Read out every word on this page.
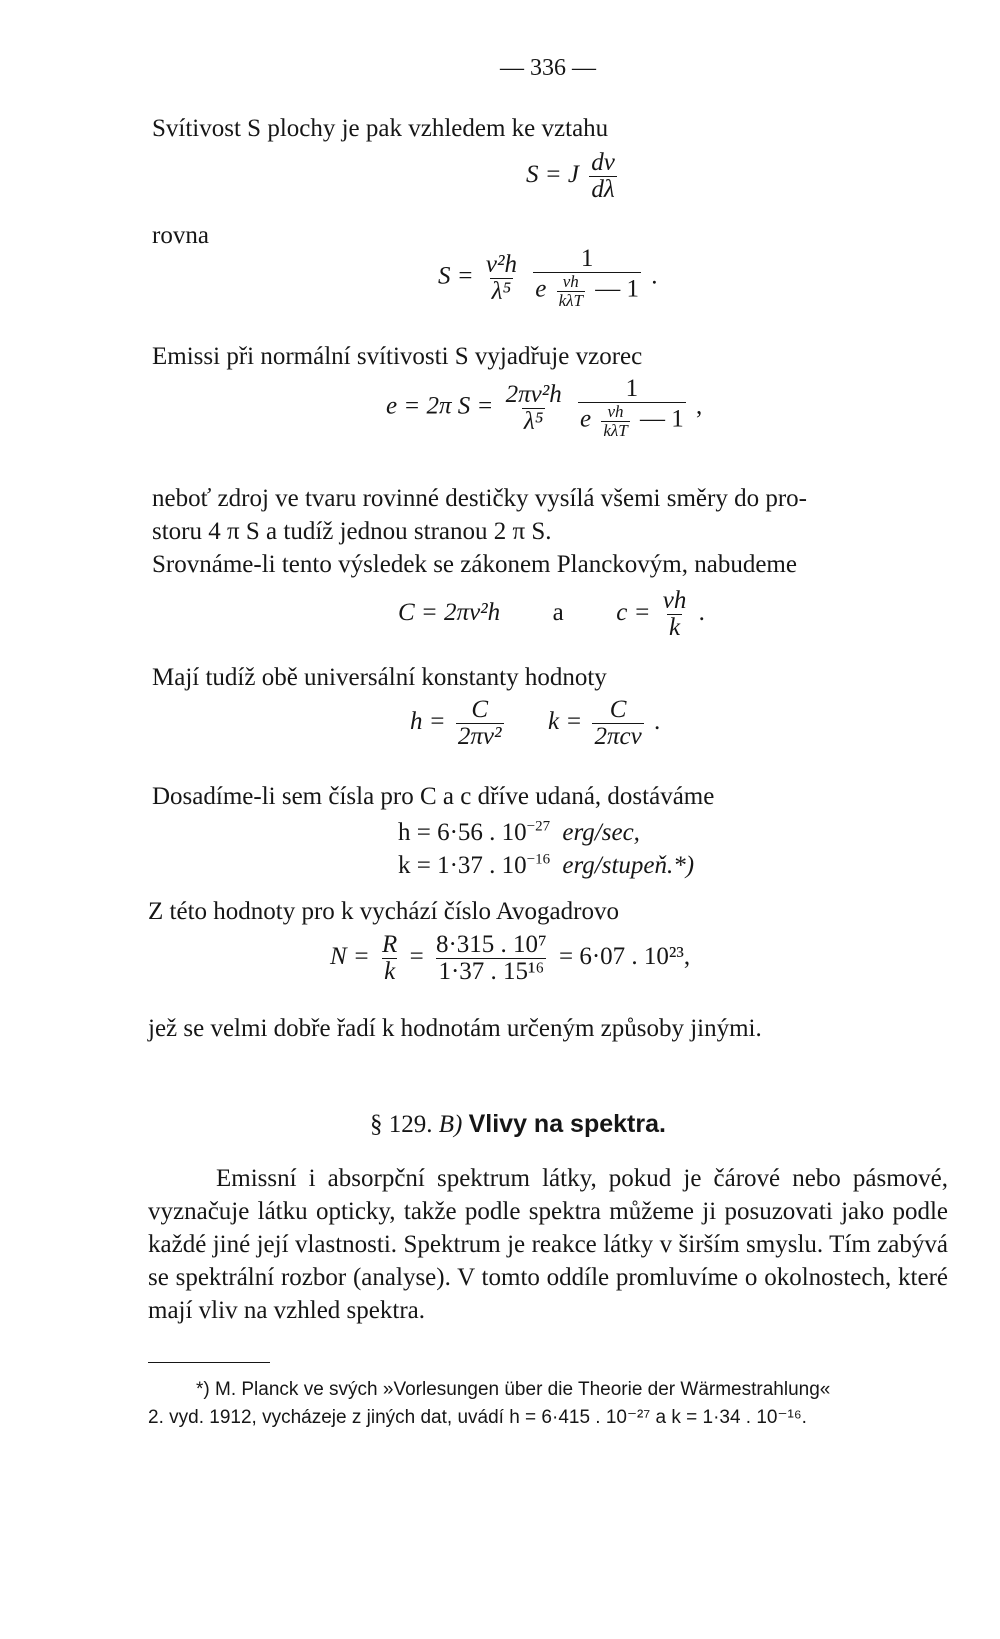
— 336 —
Svítivost S plochy je pak vzhledem ke vztahu
S = J $\frac{d\nu}{d\lambda}$
rovna
$S = \frac{\text{ν²h}}{\text{λ⁵}}$
$\frac{1}{e \frac{\nu h}{\text{kλT}} — 1}$ .
Emissi při normální svítivosti S vyjadřuje vzorec
e = 2π $S = \frac{\text{2πν²h}}{\text{λ⁵}}$
$\frac{1}{e \frac{\nu h}{\text{kλT}} — 1}$ ,
neboť zdroj ve tvaru rovinné destičky vysílá všemi směry do pro-
storu 4 π S a tudíž jednou stranou 2 π S.
Srovnáme-li tento výsledek se zákonem Planckovým, nabudeme
C = 2πν²h a $c = \frac{\nu h}{k}$ .
Mají tudíž obě universální konstanty hodnoty
$h = \frac{C}{\text{2πν²}}$ $k = \frac{C}{\text{2πcν}}$ .
Dosadíme-li sem čísla pro C a c dříve udaná, dostáváme
h = 6·56 . $10^{-27}$ erg/sec,
k = 1·37 . $10^{-16}$ erg/stupeň.*)
Z této hodnoty pro k vychází číslo Avogadrovo
$N = \frac{R}{k} = \frac{\text{8·315 . 10⁷}}{\text{1·37 . 15¹⁶}} = 6\cdot 07$ . 10²³,
jež se velmi dobře řadí k hodnotám určeným způsoby jinými.
§ 129. B) Vlivy na spektra.

Emissní i absorpční spektrum látky, pokud je čárové nebo pásmové, vyznačuje látku opticky, takže podle spektra můžeme ji posuzovati jako podle každé jiné její vlastnosti. Spektrum je reakce látky v širším smyslu. Tím zabývá se spektrální rozbor (analyse). V tomto oddíle promluvíme o okolnostech, které mají vliv na vzhled spektra.

*) M. Planck ve svých »Vorlesungen über die Theorie der Wärmestrahlung«
2. vyd. 1912, vycházeje z jiných dat, uvádí h = 6·415 . 10⁻²⁷ a k = 1·34 . 10⁻¹⁶.
